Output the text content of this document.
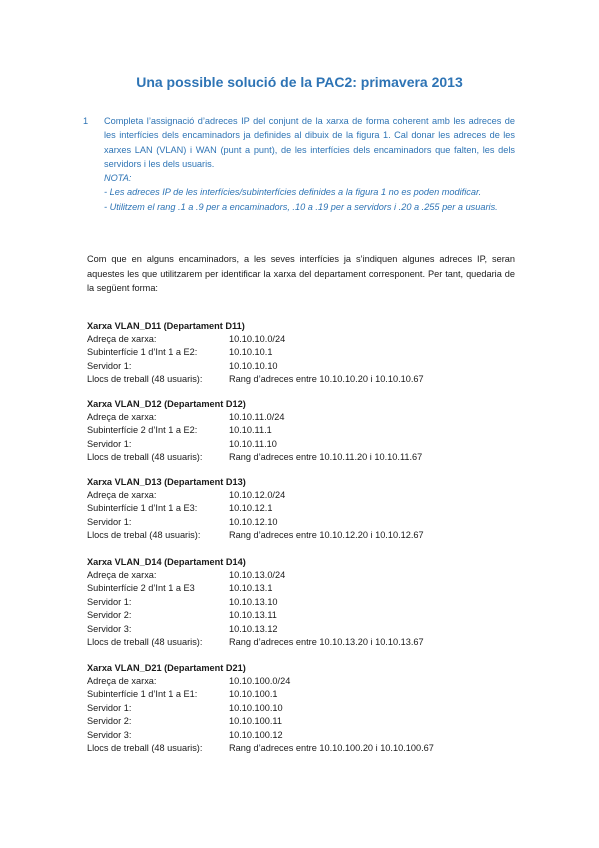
Una possible solució de la PAC2: primavera 2013
1 Completa l’assignació d’adreces IP del conjunt de la xarxa de forma coherent amb les adreces de les interfícies dels encaminadors ja definides al dibuix de la figura 1. Cal donar les adreces de les xarxes LAN (VLAN) i WAN (punt a punt), de les interfícies dels encaminadors que falten, les dels servidors i les dels usuaris.
NOTA:
- Les adreces IP de les interfícies/subinterfícies definides a la figura 1 no es poden modificar.
- Utilitzem el rang .1 a .9 per a encaminadors, .10 a .19 per a servidors i .20 a .255 per a usuaris.
Com que en alguns encaminadors, a les seves interfícies ja s’indiquen algunes adreces IP, seran aquestes les que utilitzarem per identificar la xarxa del departament corresponent. Per tant, quedaria de la següent forma:
Xarxa VLAN_D11 (Departament D11)
Adreça de xarxa:	10.10.10.0/24
Subinterfície 1 d’Int 1 a E2:	10.10.10.1
Servidor 1:	10.10.10.10
Llocs de treball (48 usuaris):	Rang d’adreces entre 10.10.10.20 i 10.10.10.67
Xarxa VLAN_D12 (Departament D12)
Adreça de xarxa:	10.10.11.0/24
Subinterfície 2 d’Int 1 a E2:	10.10.11.1
Servidor 1:	10.10.11.10
Llocs de treball (48 usuaris):	Rang d’adreces entre 10.10.11.20 i 10.10.11.67
Xarxa VLAN_D13 (Departament D13)
Adreça de xarxa:	10.10.12.0/24
Subinterfície 1 d’Int 1 a E3:	10.10.12.1
Servidor 1:	10.10.12.10
Llocs de trebal (48 usuaris):	Rang d’adreces entre 10.10.12.20 i 10.10.12.67
Xarxa VLAN_D14 (Departament D14)
Adreça de xarxa:	10.10.13.0/24
Subinterfície 2 d’Int 1 a E3	10.10.13.1
Servidor 1:	10.10.13.10
Servidor 2:	10.10.13.11
Servidor 3:	10.10.13.12
Llocs de treball (48 usuaris):	Rang d’adreces entre 10.10.13.20 i 10.10.13.67
Xarxa VLAN_D21 (Departament D21)
Adreça de xarxa:	10.10.100.0/24
Subinterfície 1 d’Int 1 a E1:	10.10.100.1
Servidor 1:	10.10.100.10
Servidor 2:	10.10.100.11
Servidor 3:	10.10.100.12
Llocs de treball (48 usuaris):	Rang d’adreces entre 10.10.100.20 i 10.10.100.67
